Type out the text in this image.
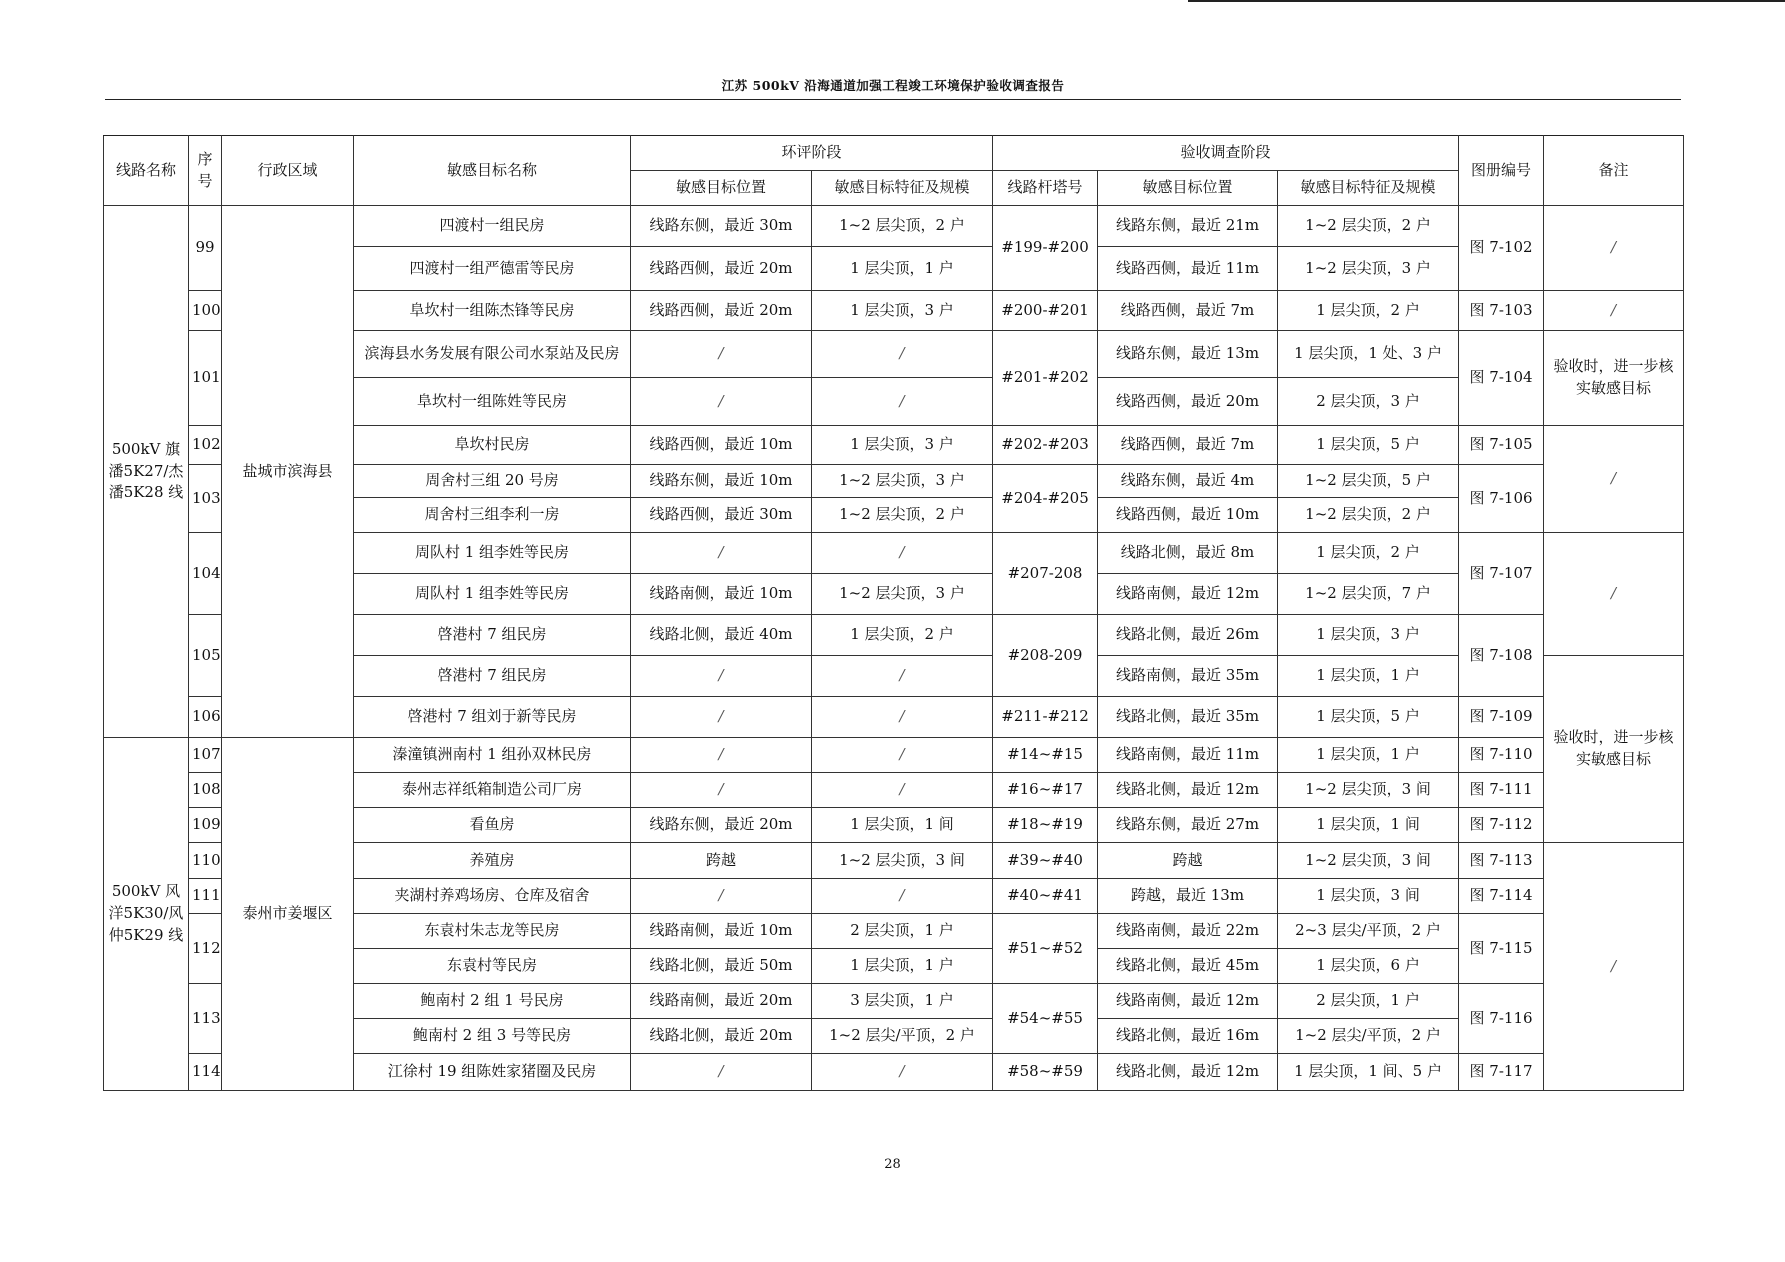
江苏 500kV 沿海通道加强工程竣工环境保护验收调查报告
线路名称	序号	行政区域	敏感目标名称	环评阶段		验收调查阶段			图册编号	备注
				敏感目标位置	敏感目标特征及规模	线路杆塔号	敏感目标位置	敏感目标特征及规模		
500kV 旗潘5K27/杰潘5K28 线	99	盐城市滨海县	四渡村一组民房	线路东侧，最近 30m	1~2 层尖顶，2 户	#199-#200	线路东侧，最近 21m	1~2 层尖顶，2 户	图 7-102	/
			四渡村一组严德雷等民房	线路西侧，最近 20m	1 层尖顶，1 户		线路西侧，最近 11m	1~2 层尖顶，3 户		
	100		阜坎村一组陈杰锋等民房	线路西侧，最近 20m	1 层尖顶，3 户	#200-#201	线路西侧，最近 7m	1 层尖顶，2 户	图 7-103	/
	101		滨海县水务发展有限公司水泵站及民房	/	/	#201-#202	线路东侧，最近 13m	1 层尖顶，1 处、3 户	图 7-104	验收时，进一步核实敏感目标
			阜坎村一组陈姓等民房	/	/		线路西侧，最近 20m	2 层尖顶，3 户		
	102		阜坎村民房	线路西侧，最近 10m	1 层尖顶，3 户	#202-#203	线路西侧，最近 7m	1 层尖顶，5 户	图 7-105	/
	103		周舍村三组 20 号房	线路东侧，最近 10m	1~2 层尖顶，3 户	#204-#205	线路东侧，最近 4m	1~2 层尖顶，5 户	图 7-106	
			周舍村三组李利一房	线路西侧，最近 30m	1~2 层尖顶，2 户		线路西侧，最近 10m	1~2 层尖顶，2 户		
	104		周队村 1 组李姓等民房	/	/	#207-208	线路北侧，最近 8m	1 层尖顶，2 户	图 7-107	/
			周队村 1 组李姓等民房	线路南侧，最近 10m	1~2 层尖顶，3 户		线路南侧，最近 12m	1~2 层尖顶，7 户		
	105		啓港村 7 组民房	线路北侧，最近 40m	1 层尖顶，2 户	#208-209	线路北侧，最近 26m	1 层尖顶，3 户	图 7-108	
			啓港村 7 组民房	/	/		线路南侧，最近 35m	1 层尖顶，1 户		验收时，进一步核实敏感目标
	106		啓港村 7 组刘于新等民房	/	/	#211-#212	线路北侧，最近 35m	1 层尖顶，5 户	图 7-109	
500kV 风洋5K30/风仲5K29 线	107	泰州市姜堰区	溱潼镇洲南村 1 组孙双林民房	/	/	#14~#15	线路南侧，最近 11m	1 层尖顶，1 户	图 7-110	
	108		泰州志祥纸箱制造公司厂房	/	/	#16~#17	线路北侧，最近 12m	1~2 层尖顶，3 间	图 7-111	
	109		看鱼房	线路东侧，最近 20m	1 层尖顶，1 间	#18~#19	线路东侧，最近 27m	1 层尖顶，1 间	图 7-112	
	110		养殖房	跨越	1~2 层尖顶，3 间	#39~#40	跨越	1~2 层尖顶，3 间	图 7-113	/
	111		夹湖村养鸡场房、仓库及宿舍	/	/	#40~#41	跨越，最近 13m	1 层尖顶，3 间	图 7-114	
	112		东袁村朱志龙等民房	线路南侧，最近 10m	2 层尖顶，1 户	#51~#52	线路南侧，最近 22m	2~3 层尖/平顶，2 户	图 7-115	
			东袁村等民房	线路北侧，最近 50m	1 层尖顶，1 户		线路北侧，最近 45m	1 层尖顶，6 户		
	113		鲍南村 2 组 1 号民房	线路南侧，最近 20m	3 层尖顶，1 户	#54~#55	线路南侧，最近 12m	2 层尖顶，1 户	图 7-116	
			鲍南村 2 组 3 号等民房	线路北侧，最近 20m	1~2 层尖/平顶，2 户		线路北侧，最近 16m	1~2 层尖/平顶，2 户		
	114		江徐村 19 组陈姓家猪圈及民房	/	/	#58~#59	线路北侧，最近 12m	1 层尖顶，1 间、5 户	图 7-117	
28
